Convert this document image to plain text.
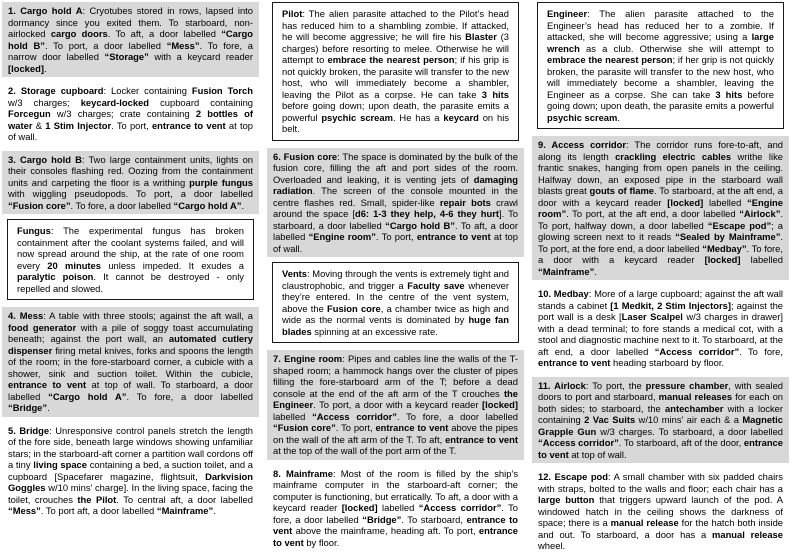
1. Cargo hold A: Cryotubes stored in rows, lapsed into dormancy since you exited them. To starboard, non-airlocked cargo doors. To aft, a door labelled “Cargo hold B”. To port, a door labelled “Mess”. To fore, a narrow door labelled “Storage” with a keycard reader [locked].
2. Storage cupboard: Locker containing Fusion Torch w/3 charges; keycard-locked cupboard containing Forcegun w/3 charges; crate containing 2 bottles of water & 1 Stim Injector. To port, entrance to vent at top of wall.
3. Cargo hold B: Two large containment units, lights on their consoles flashing red. Oozing from the containment units and carpeting the floor is a writhing purple fungus with wiggling pseudopods. To port, a door labelled “Fusion core”. To fore, a door labelled “Cargo hold A”.
Fungus: The experimental fungus has broken containment after the coolant systems failed, and will now spread around the ship, at the rate of one room every 20 minutes unless impeded. It exudes a paralytic poison. It cannot be destroyed - only repelled and slowed.
4. Mess: A table with three stools; against the aft wall, a food generator with a pile of soggy toast accumulating beneath; against the port wall, an automated cutlery dispenser firing metal knives, forks and spoons the length of the room; in the fore-starboard corner, a cubicle with a shower, sink and suction toilet. Within the cubicle, entrance to vent at top of wall. To starboard, a door labelled “Cargo hold A”. To fore, a door labelled “Bridge”.
5. Bridge: Unresponsive control panels stretch the length of the fore side, beneath large windows showing unfamiliar stars; in the starboard-aft corner a partition wall cordons off a tiny living space containing a bed, a suction toilet, and a cupboard [Spacefarer magazine, flightsuit, Darkvision Goggles w/10 mins’ charge]. In the living space, facing the toilet, crouches the Pilot. To central aft, a door labelled “Mess”. To port aft, a door labelled “Mainframe”.
Pilot: The alien parasite attached to the Pilot’s head has reduced him to a shambling zombie. If attacked, he will become aggressive; he will fire his Blaster (3 charges) before resorting to melee. Otherwise he will attempt to embrace the nearest person; if his grip is not quickly broken, the parasite will transfer to the new host, who will immediately become a shambler, leaving the Pilot as a corpse. He can take 3 hits before going down; upon death, the parasite emits a powerful psychic scream. He has a keycard on his belt.
6. Fusion core: The space is dominated by the bulk of the fusion core, filling the aft and port sides of the room. Overloaded and leaking, it is venting jets of damaging radiation. The screen of the console mounted in the centre flashes red. Small, spider-like repair bots crawl around the space [d6: 1-3 they help, 4-6 they hurt]. To starboard, a door labelled “Cargo hold B”. To aft, a door labelled “Engine room”. To port, entrance to vent at top of wall.
Vents: Moving through the vents is extremely tight and claustrophobic, and trigger a Faculty save whenever they’re entered. In the centre of the vent system, above the Fusion core, a chamber twice as high and wide as the normal vents is dominated by huge fan blades spinning at an excessive rate.
7. Engine room: Pipes and cables line the walls of the T-shaped room; a hammock hangs over the cluster of pipes filling the fore-starboard arm of the T; before a dead console at the end of the aft arm of the T crouches the Engineer. To port, a door with a keycard reader [locked] labelled “Access corridor”. To fore, a door labelled “Fusion core”. To port, entrance to vent above the pipes on the wall of the aft arm of the T. To aft, entrance to vent at the top of the wall of the port arm of the T.
8. Mainframe: Most of the room is filled by the ship’s mainframe computer in the starboard-aft corner; the computer is functioning, but erratically. To aft, a door with a keycard reader [locked] labelled “Access corridor”. To fore, a door labelled “Bridge”. To starboard, entrance to vent above the mainframe, heading aft. To port, entrance to vent by floor.
Engineer: The alien parasite attached to the Engineer’s head has reduced her to a zombie. If attacked, she will become aggressive; using a large wrench as a club. Otherwise she will attempt to embrace the nearest person; if her grip is not quickly broken, the parasite will transfer to the new host, who will immediately become a shambler, leaving the Engineer as a corpse. She can take 3 hits before going down; upon death, the parasite emits a powerful psychic scream.
9. Access corridor: The corridor runs fore-to-aft, and along its length crackling electric cables writhe like frantic snakes, hanging from open panels in the ceiling. Halfway down, an exposed pipe in the starboard wall blasts great gouts of flame. To starboard, at the aft end, a door with a keycard reader [locked] labelled “Engine room”. To port, at the aft end, a door labelled “Airlock”. To port, halfway down, a door labelled “Escape pod”; a glowing screen next to it reads “Sealed by Mainframe”. To port, at the fore end, a door labelled “Medbay”. To fore, a door with a keycard reader [locked] labelled “Mainframe”.
10. Medbay: More of a large cupboard; against the aft wall stands a cabinet [1 Medkit, 2 Stim Injectors]; against the port wall is a desk [Laser Scalpel w/3 charges in drawer] with a dead terminal; to fore stands a medical cot, with a stool and diagnostic machine next to it. To starboard, at the aft end, a door labelled “Access corridor”. To fore, entrance to vent heading starboard by floor.
11. Airlock: To port, the pressure chamber, with sealed doors to port and starboard, manual releases for each on both sides; to starboard, the antechamber with a locker containing 2 Vac Suits w/10 mins’ air each & a Magnetic Grapple Gun w/3 charges. To starboard, a door labelled “Access corridor”. To starboard, aft of the door, entrance to vent at top of wall.
12. Escape pod: A small chamber with six padded chairs with straps, bolted to the walls and floor; each chair has a large button that triggers upward launch of the pod. A windowed hatch in the ceiling shows the darkness of space; there is a manual release for the hatch both inside and out. To starboard, a door has a manual release wheel.
